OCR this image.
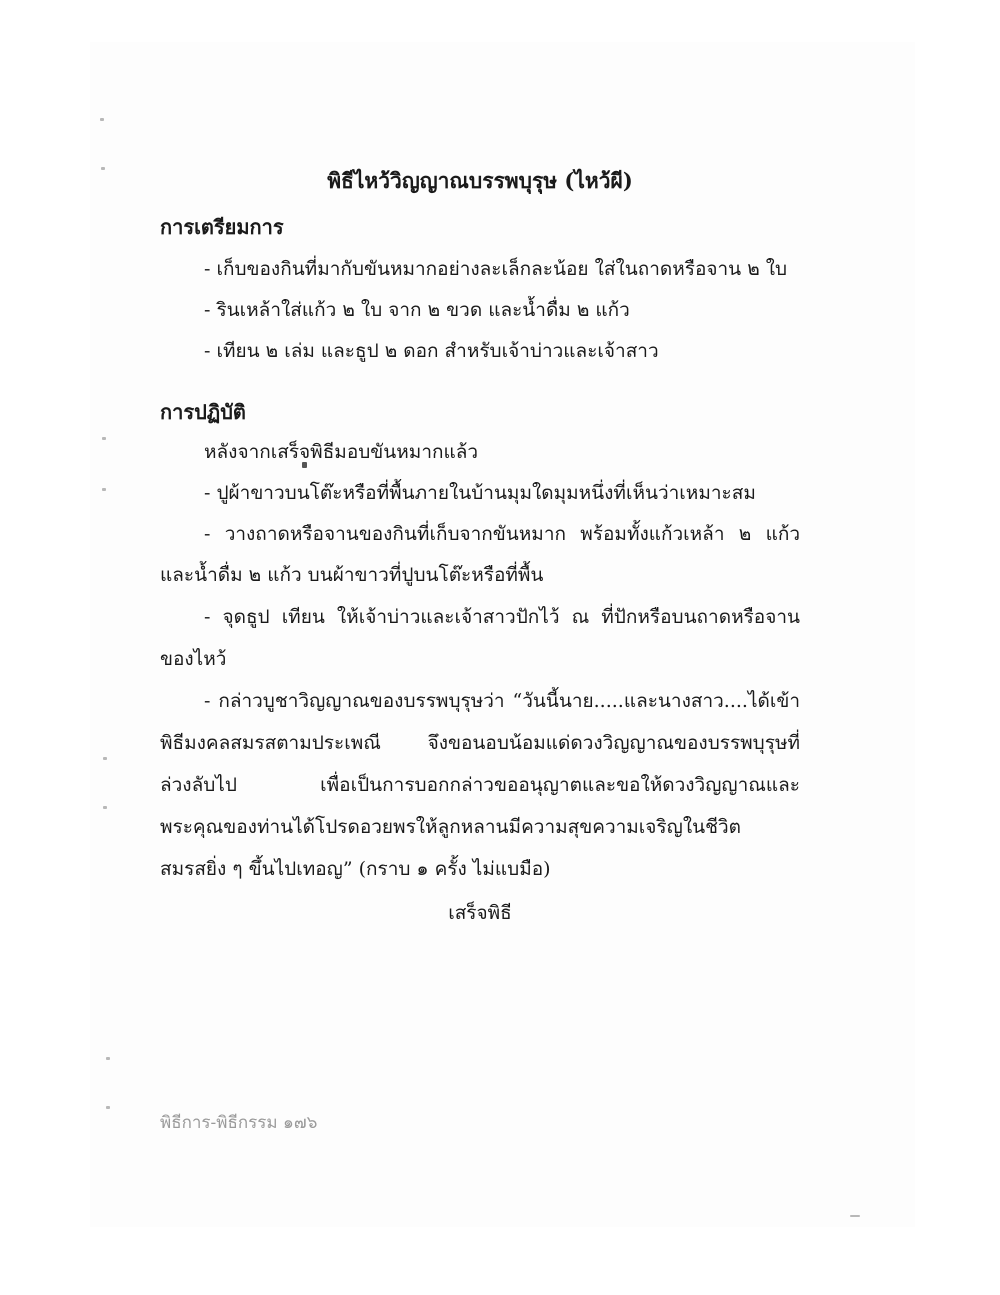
พิธีไหว้วิญญาณบรรพบุรุษ (ไหว้ผี)
การเตรียมการ
- เก็บของกินที่มากับขันหมากอย่างละเล็กละน้อย ใส่ในถาดหรือจาน ๒ ใบ
- รินเหล้าใส่แก้ว ๒ ใบ จาก ๒ ขวด และน้ำดื่ม ๒ แก้ว
- เทียน ๒ เล่ม และธูป ๒ ดอก สำหรับเจ้าบ่าวและเจ้าสาว
การปฏิบัติ
หลังจากเสร็จพิธีมอบขันหมากแล้ว
- ปูผ้าขาวบนโต๊ะหรือที่พื้นภายในบ้านมุมใดมุมหนึ่งที่เห็นว่าเหมาะสม
- วางถาดหรือจานของกินที่เก็บจากขันหมาก พร้อมทั้งแก้วเหล้า ๒ แก้ว
และน้ำดื่ม ๒ แก้ว บนผ้าขาวที่ปูบนโต๊ะหรือที่พื้น
- จุดธูป เทียน ให้เจ้าบ่าวและเจ้าสาวปักไว้ ณ ที่ปักหรือบนถาดหรือจาน
ของไหว้
- กล่าวบูชาวิญญาณของบรรพบุรุษว่า “วันนี้นาย.....และนางสาว....ได้เข้า
พิธีมงคลสมรสตามประเพณี จึงขอนอบน้อมแด่ดวงวิญญาณของบรรพบุรุษที่
ล่วงลับไป เพื่อเป็นการบอกกล่าวขออนุญาตและขอให้ดวงวิญญาณและ
พระคุณของท่านได้โปรดอวยพรให้ลูกหลานมีความสุขความเจริญในชีวิต
สมรสยิ่ง ๆ ขึ้นไปเทอญ” (กราบ ๑ ครั้ง ไม่แบมือ)
เสร็จพิธี
พิธีการ-พิธีกรรม ๑๗๖
